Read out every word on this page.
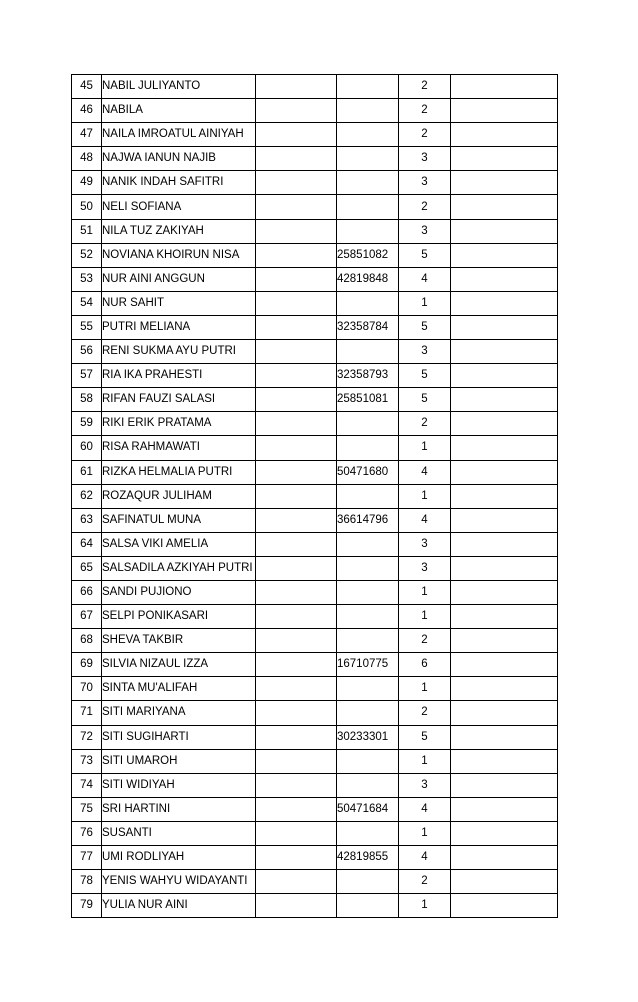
45	NABIL JULIYANTO			2	
46	NABILA			2	
47	NAILA IMROATUL AINIYAH			2	
48	NAJWA IANUN NAJIB			3	
49	NANIK INDAH SAFITRI			3	
50	NELI SOFIANA			2	
51	NILA TUZ ZAKIYAH			3	
52	NOVIANA KHOIRUN NISA		25851082	5	
53	NUR AINI ANGGUN		42819848	4	
54	NUR SAHIT			1	
55	PUTRI MELIANA		32358784	5	
56	RENI SUKMA AYU PUTRI			3	
57	RIA IKA PRAHESTI		32358793	5	
58	RIFAN FAUZI SALASI		25851081	5	
59	RIKI ERIK PRATAMA			2	
60	RISA RAHMAWATI			1	
61	RIZKA HELMALIA PUTRI		50471680	4	
62	ROZAQUR JULIHAM			1	
63	SAFINATUL MUNA		36614796	4	
64	SALSA VIKI AMELIA			3	
65	SALSADILA AZKIYAH PUTRI			3	
66	SANDI PUJIONO			1	
67	SELPI PONIKASARI			1	
68	SHEVA TAKBIR			2	
69	SILVIA NIZAUL IZZA		16710775	6	
70	SINTA MU'ALIFAH			1	
71	SITI MARIYANA			2	
72	SITI SUGIHARTI		30233301	5	
73	SITI UMAROH			1	
74	SITI WIDIYAH			3	
75	SRI HARTINI		50471684	4	
76	SUSANTI			1	
77	UMI RODLIYAH		42819855	4	
78	YENIS WAHYU WIDAYANTI			2	
79	YULIA NUR AINI			1	
